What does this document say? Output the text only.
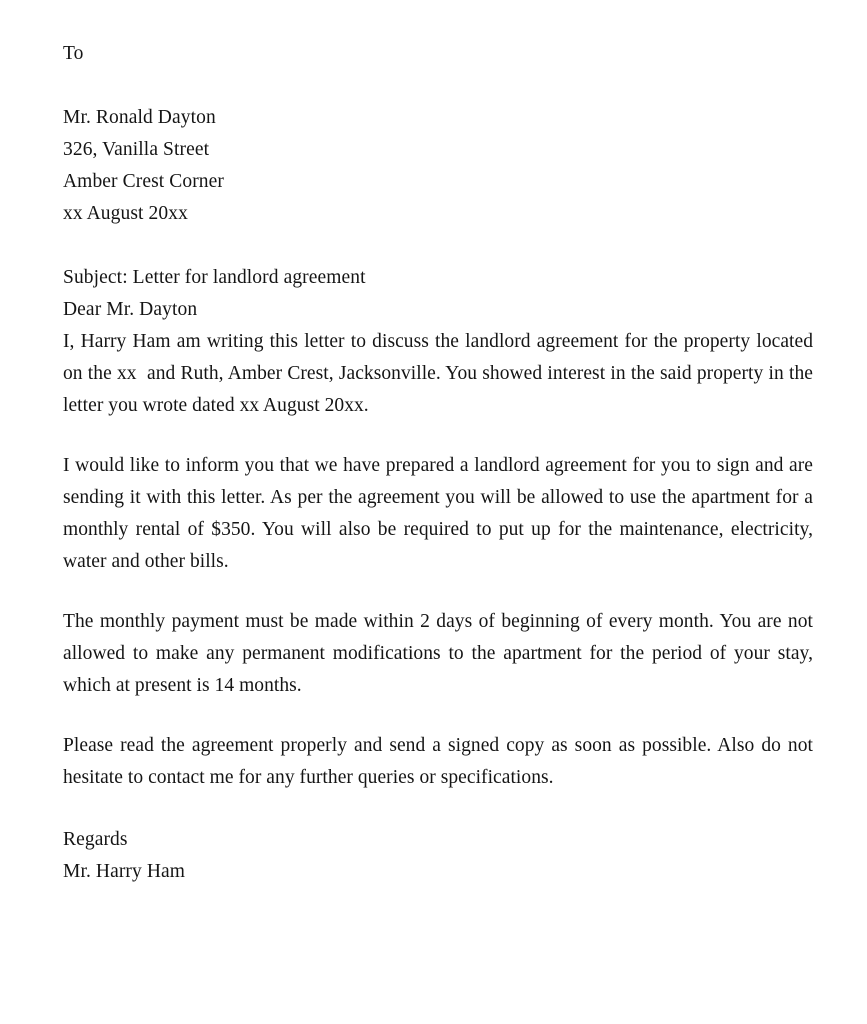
To
Mr. Ronald Dayton
326, Vanilla Street
Amber Crest Corner
xx August 20xx
Subject: Letter for landlord agreement
Dear Mr. Dayton

I, Harry Ham am writing this letter to discuss the landlord agreement for the property located on the xx  and Ruth, Amber Crest, Jacksonville. You showed interest in the said property in the letter you wrote dated xx August 20xx.

I would like to inform you that we have prepared a landlord agreement for you to sign and are sending it with this letter. As per the agreement you will be allowed to use the apartment for a monthly rental of $350. You will also be required to put up for the maintenance, electricity, water and other bills.

The monthly payment must be made within 2 days of beginning of every month. You are not allowed to make any permanent modifications to the apartment for the period of your stay, which at present is 14 months.

Please read the agreement properly and send a signed copy as soon as possible. Also do not hesitate to contact me for any further queries or specifications.

Regards
Mr. Harry Ham
